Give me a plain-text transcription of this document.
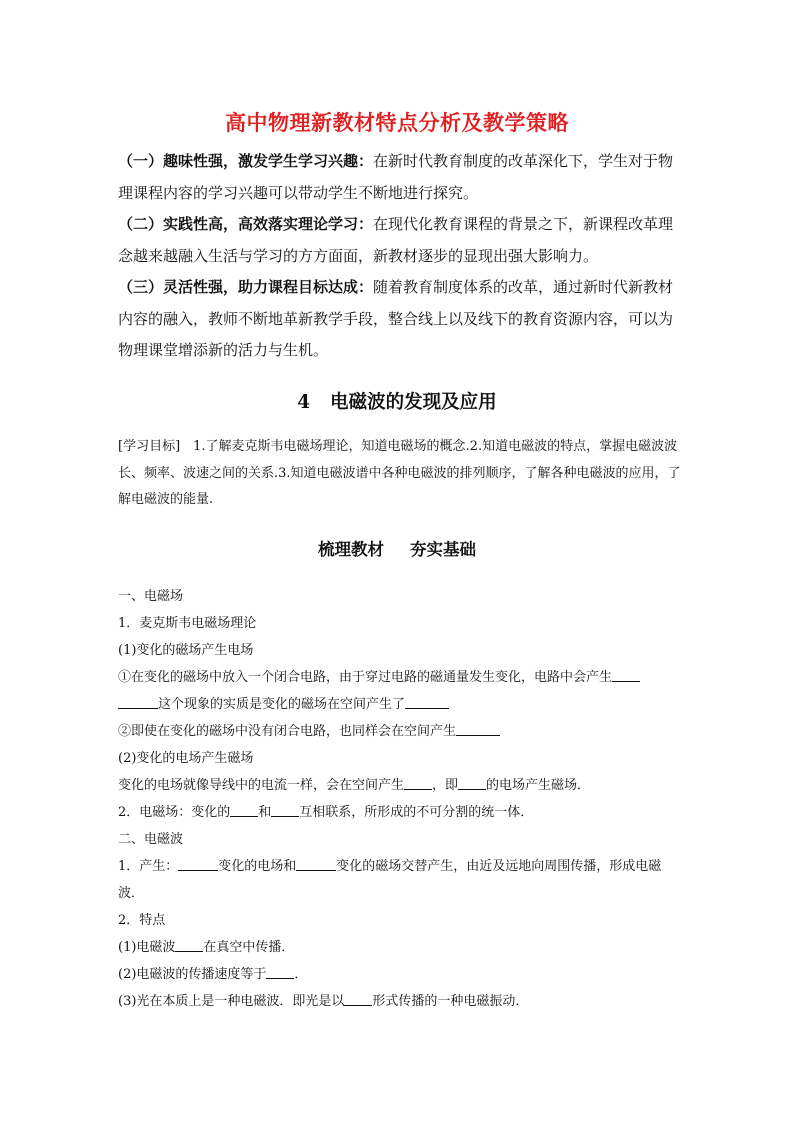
高中物理新教材特点分析及教学策略

（一）趣味性强，激发学生学习兴趣：在新时代教育制度的改革深化下，学生对于物理课程内容的学习兴趣可以带动学生不断地进行探究。

（二）实践性高，高效落实理论学习：在现代化教育课程的背景之下，新课程改革理念越来越融入生活与学习的方方面面，新教材逐步的显现出强大影响力。

（三）灵活性强，助力课程目标达成：随着教育制度体系的改革，通过新时代新教材内容的融入，教师不断地革新教学手段，整合线上以及线下的教育资源内容，可以为物理课堂增添新的活力与生机。

4 电磁波的发现及应用
[学习目标]　1.了解麦克斯韦电磁场理论，知道电磁场的概念.2.知道电磁波的特点，掌握电磁波波长、频率、波速之间的关系.3.知道电磁波谱中各种电磁波的排列顺序，了解各种电磁波的应用，了解电磁波的能量.
梳理教材 夯实基础
一、电磁场
1．麦克斯韦电磁场理论
(1)变化的磁场产生电场
①在变化的磁场中放入一个闭合电路，由于穿过电路的磁通量发生变化，电路中会产生
这个现象的实质是变化的磁场在空间产生了
②即使在变化的磁场中没有闭合电路，也同样会在空间产生
(2)变化的电场产生磁场
变化的电场就像导线中的电流一样，会在空间产生 ，即 的电场产生磁场．
2．电磁场：变化的 和 互相联系，所形成的不可分割的统一体．
二、电磁波
1．产生：	变化的电场和	变化的磁场交替产生，由近及远地向周围传播，形成电磁波．
2．特点
(1)电磁波 在真空中传播．
(2)电磁波的传播速度等于 ．
(3)光在本质上是一种电磁波．即光是以 形式传播的一种电磁振动．
